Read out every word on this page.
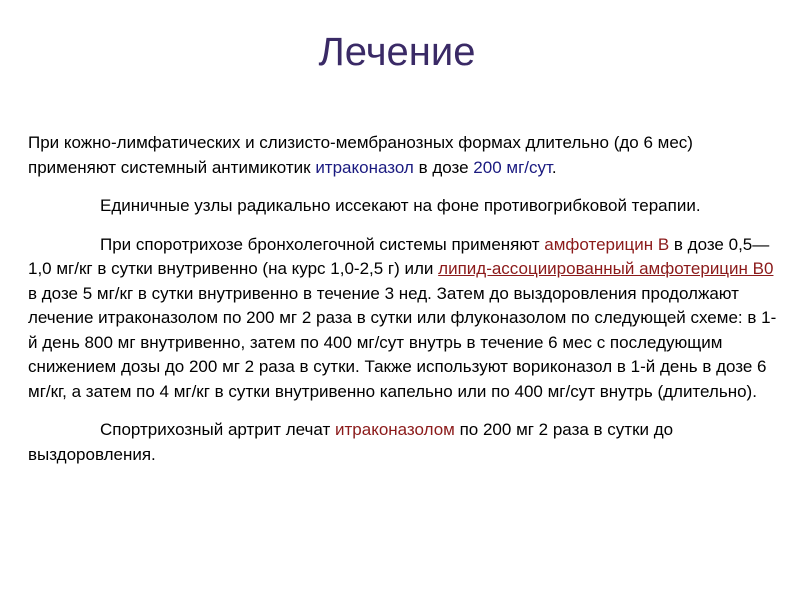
Лечение

При кожно-лимфатических и слизисто-мембранозных формах длительно (до 6 мес) применяют системный антимикотик итраконазол в дозе 200 мг/сут.

Единичные узлы радикально иссекают на фоне противогрибковой терапии.

При споротрихозе бронхолегочной системы применяют амфотерицин В в дозе 0,5—1,0 мг/кг в сутки внутривенно (на курс 1,0-2,5 г) или липид-ассоциированный амфотерицин В0 в дозе 5 мг/кг в сутки внутривенно в течение 3 нед. Затем до выздоровления продолжают лечение итраконазолом по 200 мг 2 раза в сутки или флуконазолом по следующей схеме: в 1-й день 800 мг внутривенно, затем по 400 мг/сут внутрь в течение 6 мес с последующим снижением дозы до 200 мг 2 раза в сутки. Также используют вориконазол в 1-й день в дозе 6 мг/кг, а затем по 4 мг/кг в сутки внутривенно капельно или по 400 мг/сут внутрь (длительно).

Спортрихозный артрит лечат итраконазолом по 200 мг 2 раза в сутки до выздоровления.
